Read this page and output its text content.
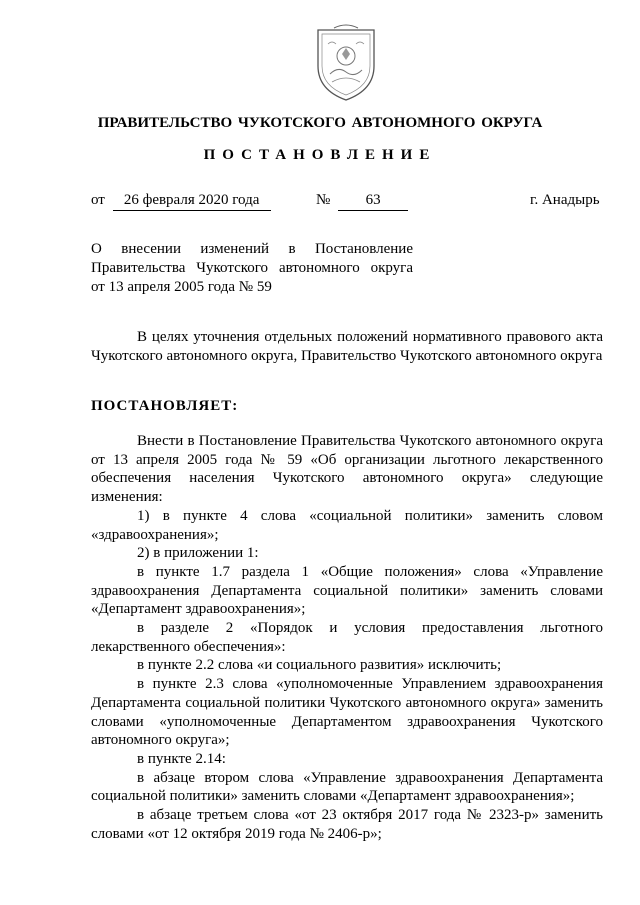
ПРАВИТЕЛЬСТВО ЧУКОТСКОГО АВТОНОМНОГО ОКРУГА
ПОСТАНОВЛЕНИЕ
от 26 февраля 2020 года	№ 63	г. Анадырь
О внесении изменений в Постановление
Правительства Чукотского автономного округа
от 13 апреля 2005 года № 59

В целях уточнения отдельных положений нормативного правового акта Чукотского автономного округа, Правительство Чукотского автономного округа

ПОСТАНОВЛЯЕТ:

Внести в Постановление Правительства Чукотского автономного округа от 13 апреля 2005 года № 59 «Об организации льготного лекарственного обеспечения населения Чукотского автономного округа» следующие изменения:

1) в пункте 4 слова «социальной политики» заменить словом «здравоохранения»;

2) в приложении 1:

в пункте 1.7 раздела 1 «Общие положения» слова «Управление здравоохранения Департамента социальной политики» заменить словами «Департамент здравоохранения»;

в разделе 2 «Порядок и условия предоставления льготного лекарственного обеспечения»:

в пункте 2.2 слова «и социального развития» исключить;

в пункте 2.3 слова «уполномоченные Управлением здравоохранения Департамента социальной политики Чукотского автономного округа» заменить словами «уполномоченные Департаментом здравоохранения Чукотского автономного округа»;

в пункте 2.14:

в абзаце втором слова «Управление здравоохранения Департамента социальной политики» заменить словами «Департамент здравоохранения»;

в абзаце третьем слова «от 23 октября 2017 года № 2323-р» заменить словами «от 12 октября 2019 года № 2406-р»;
